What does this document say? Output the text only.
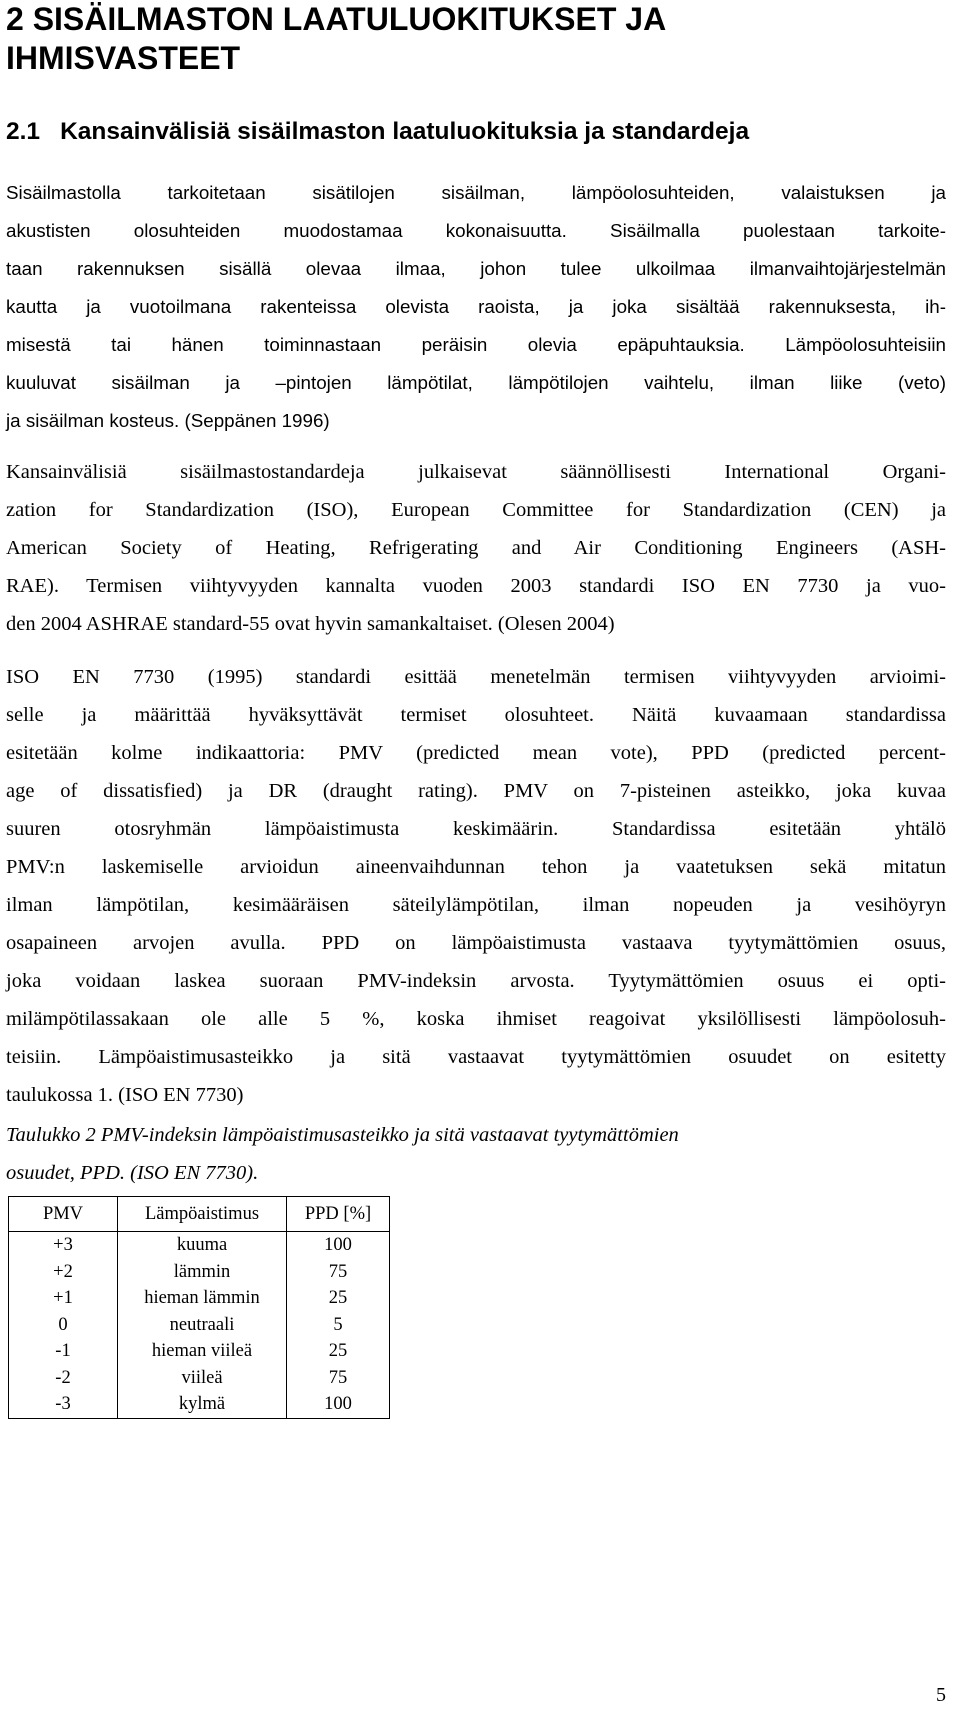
2 SISÄILMASTON LAATULUOKITUKSET JA
IHMISVASTEET
2.1 Kansainvälisiä sisäilmaston laatuluokituksia ja standardeja
Sisäilmastolla tarkoitetaan sisätilojen sisäilman, lämpöolosuhteiden, valaistuksen ja
akustisten olosuhteiden muodostamaa kokonaisuutta. Sisäilmalla puolestaan tarkoite-
taan rakennuksen sisällä olevaa ilmaa, johon tulee ulkoilmaa ilmanvaihtojärjestelmän
kautta ja vuotoilmana rakenteissa olevista raoista, ja joka sisältää rakennuksesta, ih-
misestä tai hänen toiminnastaan peräisin olevia epäpuhtauksia. Lämpöolosuhteisiin
kuuluvat sisäilman ja –pintojen lämpötilat, lämpötilojen vaihtelu, ilman liike (veto)
ja sisäilman kosteus. (Seppänen 1996)
Kansainvälisiä sisäilmastostandardeja julkaisevat säännöllisesti International Organi-
zation for Standardization (ISO), European Committee for Standardization (CEN) ja
American Society of Heating, Refrigerating and Air Conditioning Engineers (ASH-
RAE). Termisen viihtyvyyden kannalta vuoden 2003 standardi ISO EN 7730 ja vuo-
den 2004 ASHRAE standard-55 ovat hyvin samankaltaiset. (Olesen 2004)
ISO EN 7730 (1995) standardi esittää menetelmän termisen viihtyvyyden arvioimi-
selle ja määrittää hyväksyttävät termiset olosuhteet. Näitä kuvaamaan standardissa
esitetään kolme indikaattoria: PMV (predicted mean vote), PPD (predicted percent-
age of dissatisfied) ja DR (draught rating). PMV on 7-pisteinen asteikko, joka kuvaa
suuren otosryhmän lämpöaistimusta keskimäärin. Standardissa esitetään yhtälö
PMV:n laskemiselle arvioidun aineenvaihdunnan tehon ja vaatetuksen sekä mitatun
ilman lämpötilan, kesimääräisen säteilylämpötilan, ilman nopeuden ja vesihöyryn
osapaineen arvojen avulla. PPD on lämpöaistimusta vastaava tyytymättömien osuus,
joka voidaan laskea suoraan PMV-indeksin arvosta. Tyytymättömien osuus ei opti-
milämpötilassakaan ole alle 5 %, koska ihmiset reagoivat yksilöllisesti lämpöolosuh-
teisiin. Lämpöaistimusasteikko ja sitä vastaavat tyytymättömien osuudet on esitetty
taulukossa 1. (ISO EN 7730)
Taulukko 2 PMV-indeksin lämpöaistimusasteikko ja sitä vastaavat tyytymättömien
osuudet, PPD. (ISO EN 7730).
PMV	Lämpöaistimus	PPD [%]
+3	kuuma	100
+2	lämmin	75
+1	hieman lämmin	25
0	neutraali	5
-1	hieman viileä	25
-2	viileä	75
-3	kylmä	100
5
